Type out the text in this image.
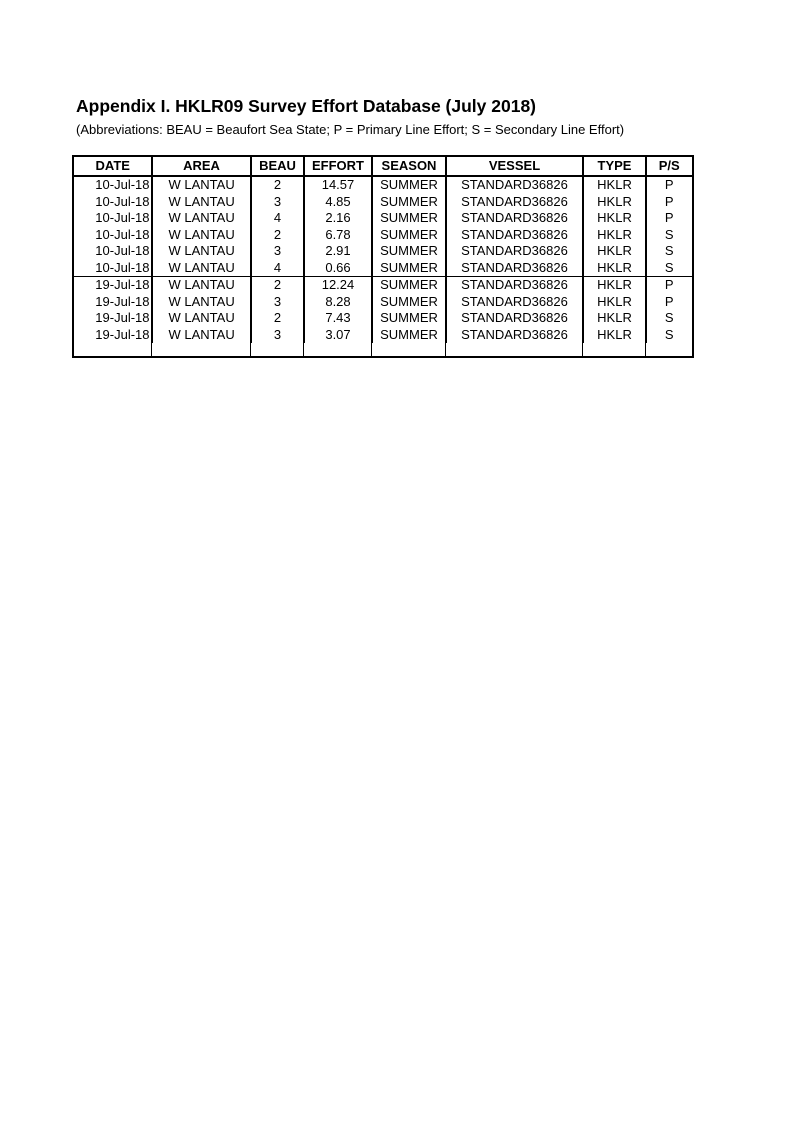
Appendix I. HKLR09 Survey Effort Database (July 2018)
(Abbreviations: BEAU = Beaufort Sea State; P = Primary Line Effort; S = Secondary Line Effort)
DATE	AREA	BEAU	EFFORT	SEASON	VESSEL	TYPE	P/S
10-Jul-18	W LANTAU	2	14.57	SUMMER	STANDARD36826	HKLR	P
10-Jul-18	W LANTAU	3	4.85	SUMMER	STANDARD36826	HKLR	P
10-Jul-18	W LANTAU	4	2.16	SUMMER	STANDARD36826	HKLR	P
10-Jul-18	W LANTAU	2	6.78	SUMMER	STANDARD36826	HKLR	S
10-Jul-18	W LANTAU	3	2.91	SUMMER	STANDARD36826	HKLR	S
10-Jul-18	W LANTAU	4	0.66	SUMMER	STANDARD36826	HKLR	S
19-Jul-18	W LANTAU	2	12.24	SUMMER	STANDARD36826	HKLR	P
19-Jul-18	W LANTAU	3	8.28	SUMMER	STANDARD36826	HKLR	P
19-Jul-18	W LANTAU	2	7.43	SUMMER	STANDARD36826	HKLR	S
19-Jul-18	W LANTAU	3	3.07	SUMMER	STANDARD36826	HKLR	S
